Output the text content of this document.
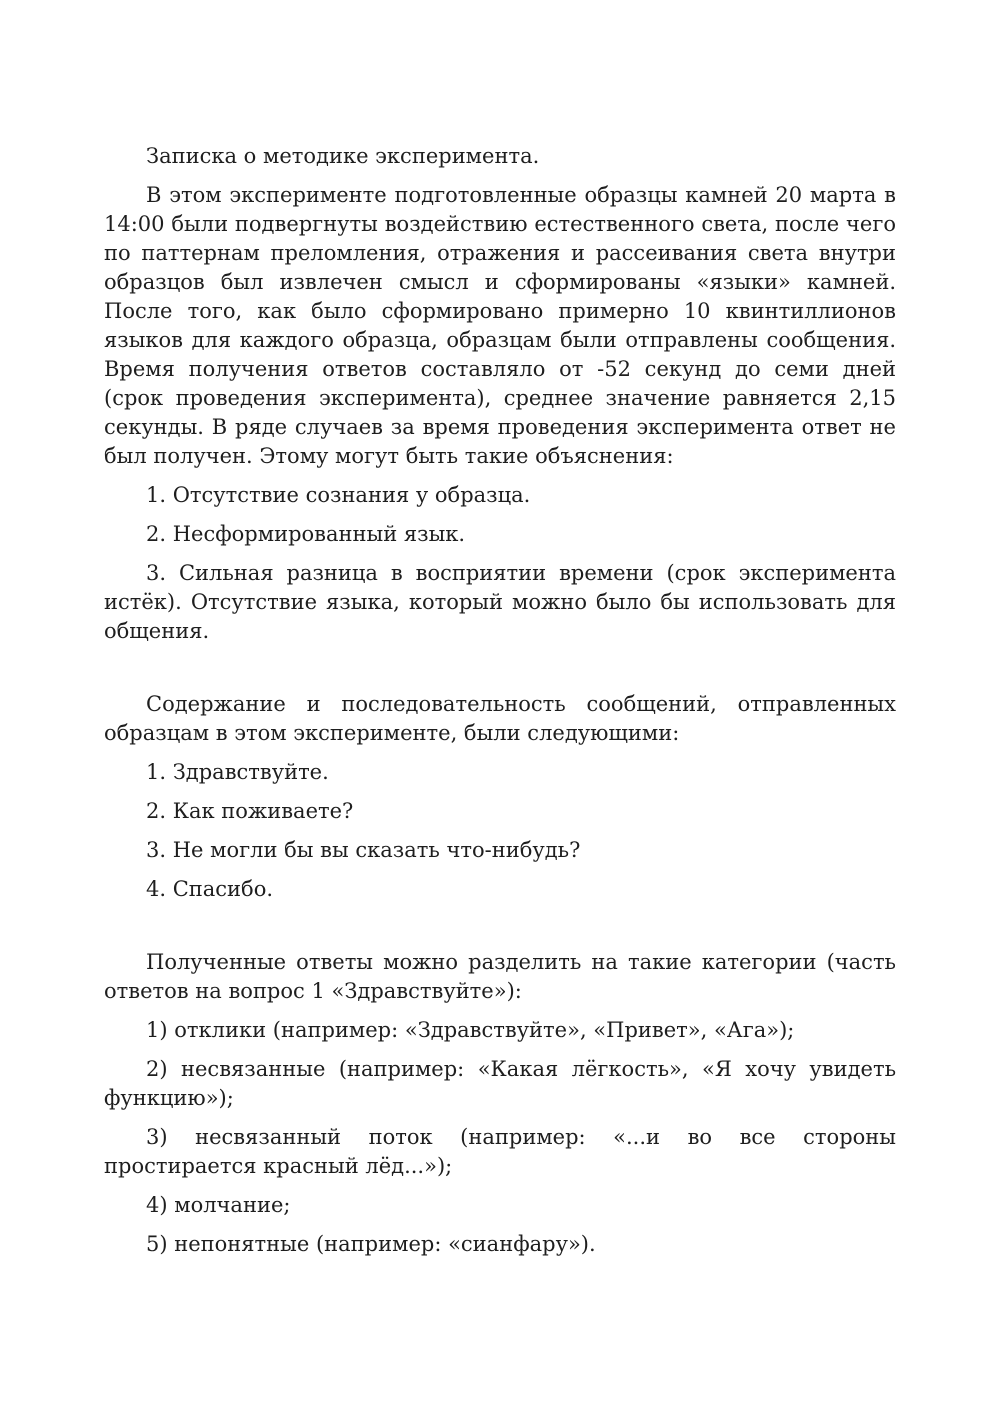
Записка о методике эксперимента.

В этом эксперименте подготовленные образцы камней 20 марта в 14:00 были подвергнуты воздействию естественного света, после чего по паттернам преломления, отражения и рассеивания света внутри образцов был извлечен смысл и сформированы «языки» камней. После того, как было сформировано примерно 10 квинтиллионов языков для каждого образца, образцам были отправлены сообщения. Время получения ответов составляло от -52 секунд до семи дней (срок проведения эксперимента), среднее значение равняется 2,15 секунды. В ряде случаев за время проведения эксперимента ответ не был получен. Этому могут быть такие объяснения:

1. Отсутствие сознания у образца.

2. Несформированный язык.

3. Сильная разница в восприятии времени (срок эксперимента истёк). Отсутствие языка, который можно было бы использовать для общения.

Содержание и последовательность сообщений, отправленных образцам в этом эксперименте, были следующими:

1. Здравствуйте.

2. Как поживаете?

3. Не могли бы вы сказать что-нибудь?

4. Спасибо.

Полученные ответы можно разделить на такие категории (часть ответов на вопрос 1 «Здравствуйте»):

1) отклики (например: «Здравствуйте», «Привет», «Ага»);

2) несвязанные (например: «Какая лёгкость», «Я хочу увидеть функцию»);

3) несвязанный поток (например: «...и во все стороны простирается красный лёд...»);

4) молчание;

5) непонятные (например: «сианфару»).
